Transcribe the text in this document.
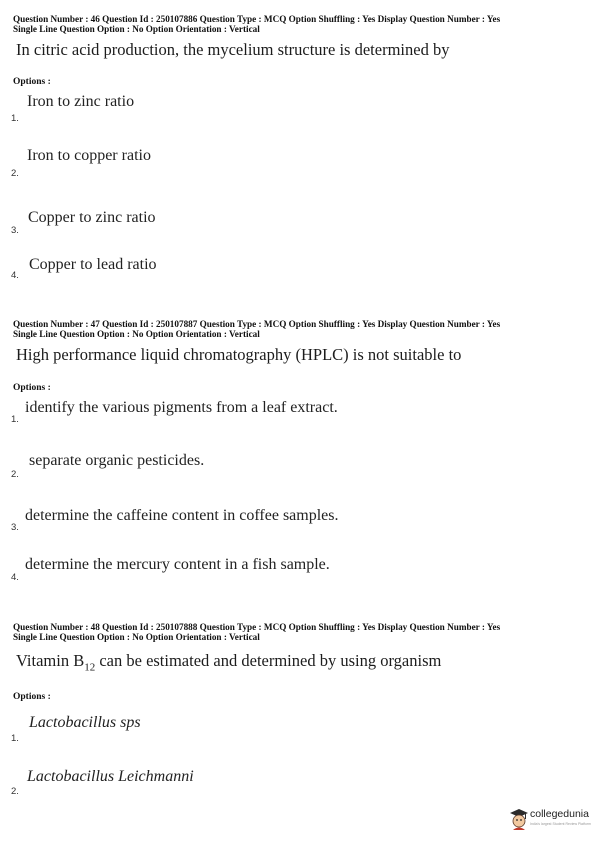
Question Number : 46 Question Id : 250107886 Question Type : MCQ Option Shuffling : Yes Display Question Number : Yes
Single Line Question Option : No Option Orientation : Vertical
In citric acid production, the mycelium structure is determined by
Options :
Iron to zinc ratio
1.
Iron to copper ratio
2.
Copper to zinc ratio
3.
Copper to lead ratio
4.
Question Number : 47 Question Id : 250107887 Question Type : MCQ Option Shuffling : Yes Display Question Number : Yes
Single Line Question Option : No Option Orientation : Vertical
High performance liquid chromatography (HPLC) is not suitable to
Options :
identify the various pigments from a leaf extract.
1.
separate organic pesticides.
2.
determine the caffeine content in coffee samples.
3.
determine the mercury content in a fish sample.
4.
Question Number : 48 Question Id : 250107888 Question Type : MCQ Option Shuffling : Yes Display Question Number : Yes
Single Line Question Option : No Option Orientation : Vertical
Vitamin $B_{12}$ can be estimated and determined by using organism
Options :
Lactobacillus sps
1.
Lactobacillus Leichmanni
2.
collegedunia
India's largest Student Review Platform
